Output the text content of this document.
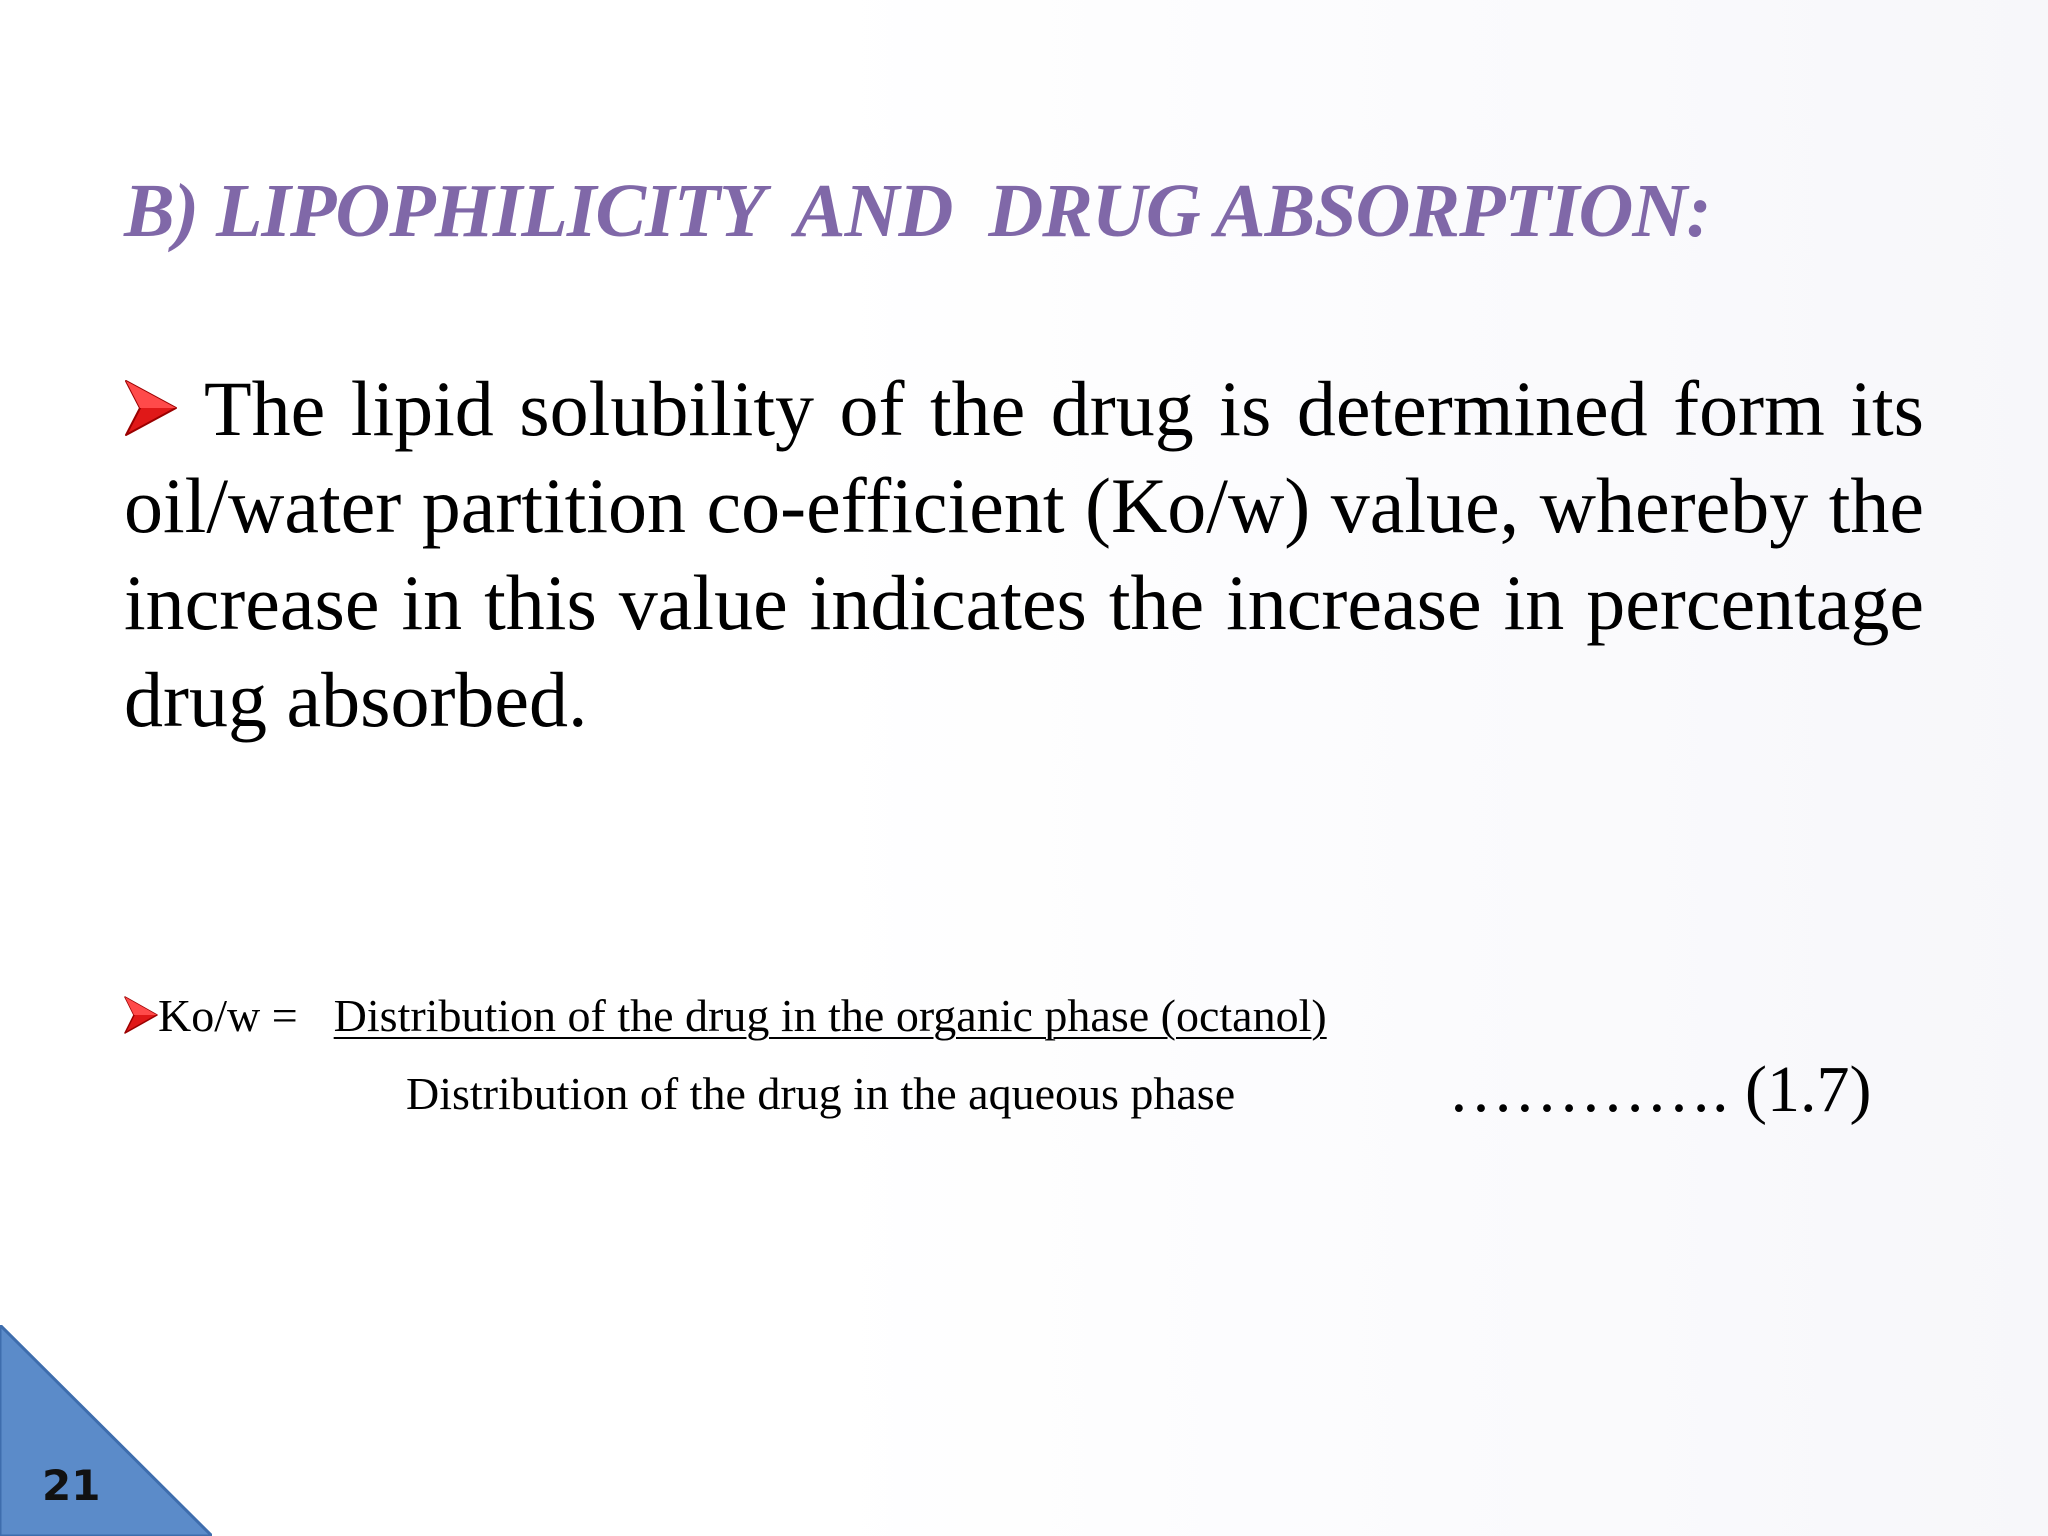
B) LIPOPHILICITY  AND  DRUG ABSORPTION:

The lipid solubility of the drug is determined form its oil/water partition co-efficient (Ko/w) value, whereby the increase in this value indicates the increase in percentage drug absorbed.

Ko/w = Distribution of the drug in the organic phase (octanol)
Distribution of the drug in the aqueous phase	…………. (1.7)
21
